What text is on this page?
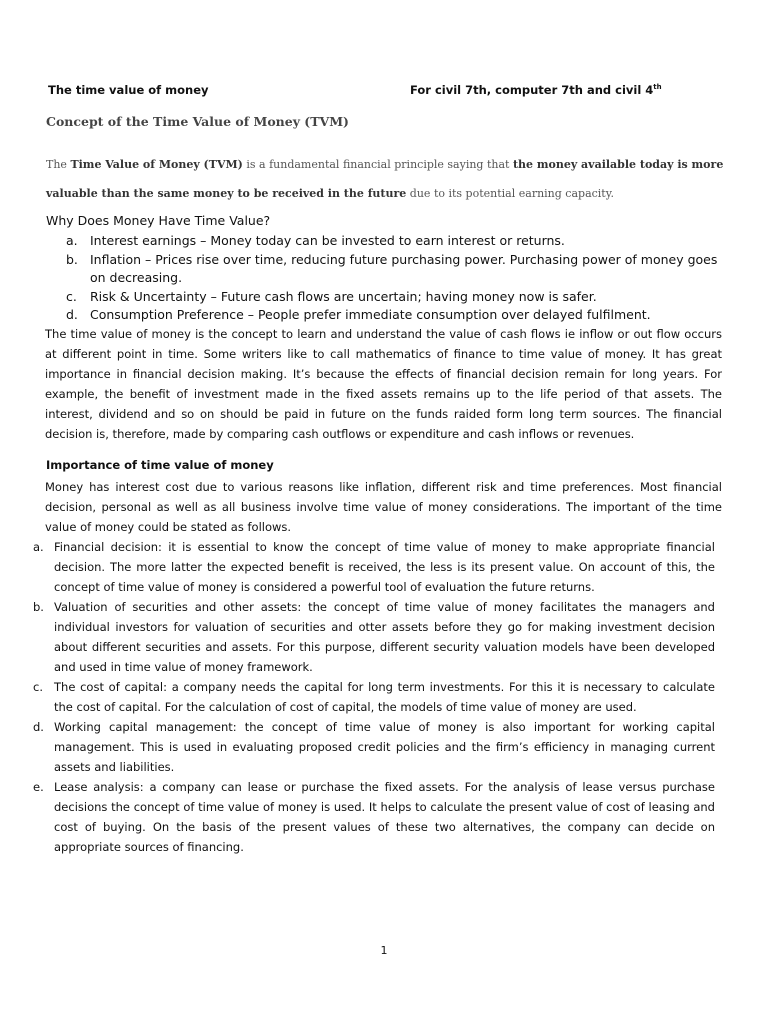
The time value of money	For civil 7th, computer 7th and civil 4th
Concept of the Time Value of Money (TVM)
The Time Value of Money (TVM) is a fundamental financial principle saying that the money available today is more valuable than the same money to be received in the future due to its potential earning capacity.
Why Does Money Have Time Value?
a. Interest earnings – Money today can be invested to earn interest or returns.
b. Inflation – Prices rise over time, reducing future purchasing power. Purchasing power of money goes on decreasing.
c. Risk & Uncertainty – Future cash flows are uncertain; having money now is safer.
d. Consumption Preference – People prefer immediate consumption over delayed fulfilment.

The time value of money is the concept to learn and understand the value of cash flows ie inflow or out flow occurs at different point in time. Some writers like to call mathematics of finance to time value of money. It has great importance in financial decision making. It’s because the effects of financial decision remain for long years. For example, the benefit of investment made in the fixed assets remains up to the life period of that assets. The interest, dividend and so on should be paid in future on the funds raided form long term sources. The financial decision is, therefore, made by comparing cash outflows or expenditure and cash inflows or revenues.

Importance of time value of money

Money has interest cost due to various reasons like inflation, different risk and time preferences. Most financial decision, personal as well as all business involve time value of money considerations. The important of the time value of money could be stated as follows.

a. Financial decision: it is essential to know the concept of time value of money to make appropriate financial decision. The more latter the expected benefit is received, the less is its present value. On account of this, the concept of time value of money is considered a powerful tool of evaluation the future returns.
b. Valuation of securities and other assets: the concept of time value of money facilitates the managers and individual investors for valuation of securities and otter assets before they go for making investment decision about different securities and assets. For this purpose, different security valuation models have been developed and used in time value of money framework.
c. The cost of capital: a company needs the capital for long term investments. For this it is necessary to calculate the cost of capital. For the calculation of cost of capital, the models of time value of money are used.
d. Working capital management: the concept of time value of money is also important for working capital management. This is used in evaluating proposed credit policies and the firm’s efficiency in managing current assets and liabilities.
e. Lease analysis: a company can lease or purchase the fixed assets. For the analysis of lease versus purchase decisions the concept of time value of money is used. It helps to calculate the present value of cost of leasing and cost of buying. On the basis of the present values of these two alternatives, the company can decide on appropriate sources of financing.
1
